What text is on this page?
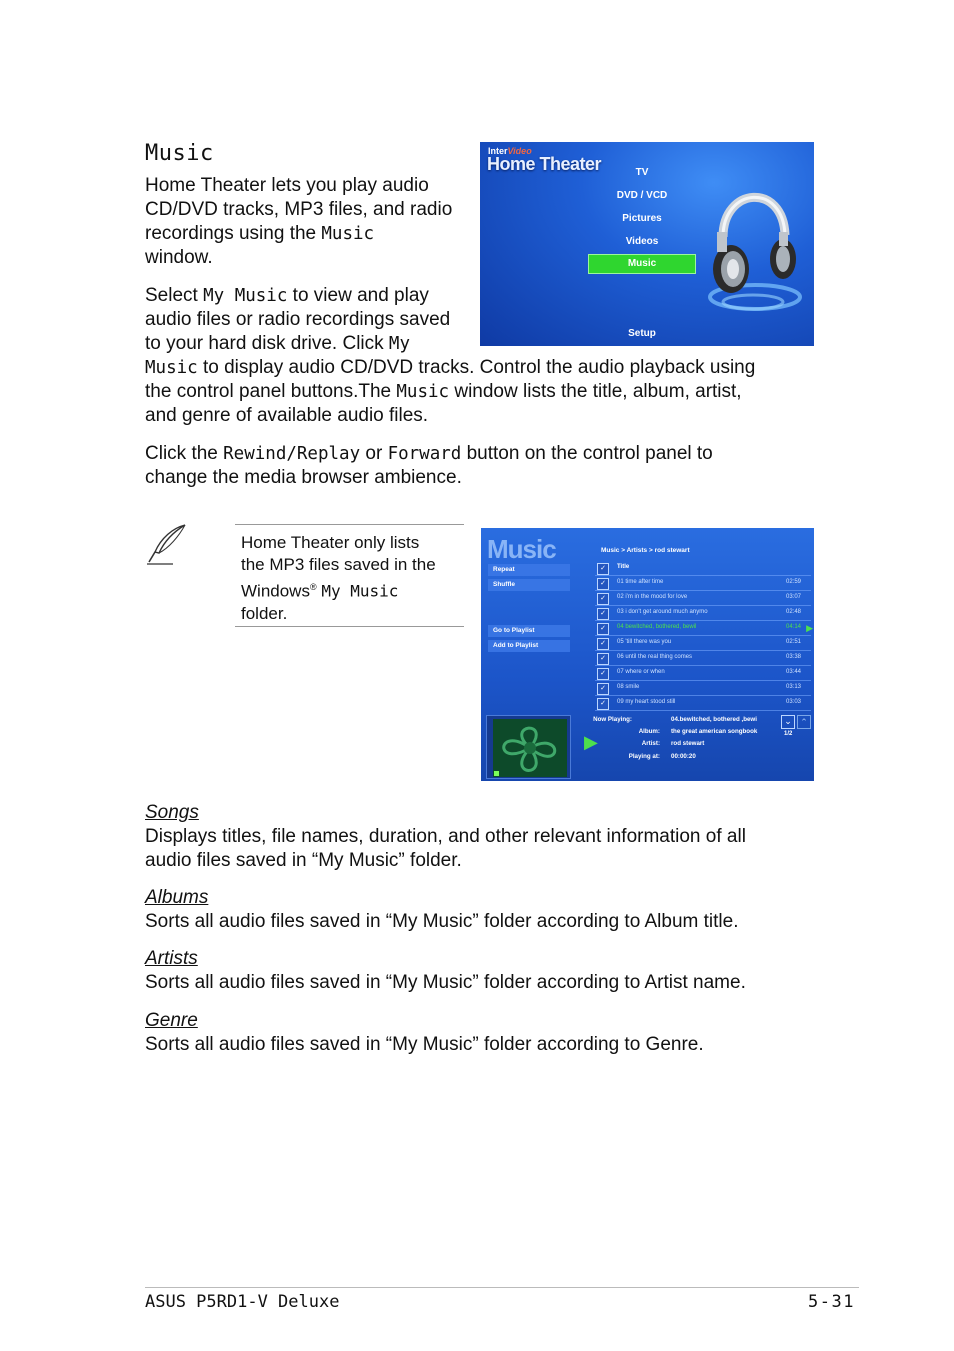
Music
Home Theater lets you play audio
CD/DVD tracks, MP3 files, and radio
recordings using the Music
window.
Select My Music to view and play
audio files or radio recordings saved
to your hard disk drive. Click My
Music to display audio CD/DVD tracks. Control the audio playback using
the control panel buttons.The Music window lists the title, album, artist,
and genre of available audio files.
Click the Rewind/Replay or Forward button on the control panel to
change the media browser ambience.
InterVideo
Home Theater	TV
DVD / VCD
Pictures
Videos
Music
Setup
Home Theater only lists
the MP3 files saved in the
Windows® My Music
folder.
Music	Music > Artists > rod stewart
Repeat
Shuffle
Go to Playlist
Add to Playlist
✓	Title
✓	01 time after time	02:59
✓	02 i'm in the mood for love	03:07
✓	03 i don't get around much anymo	02:48
✓	04 bewitched, bothered, bewil	04:14 ▶
✓	05 'till there was you	02:51
✓	06 until the real thing comes	03:38
✓	07 where or when	03:44
✓	08 smile	03:13
✓	09 my heart stood still	03:03
▶
Now Playing:	04.bewitched, bothered ,bewi
Album: the great american songbook
Artist: rod stewart
Playing at: 00:00:20
⌄ ⌃
1/2
Songs
Displays titles, file names, duration, and other relevant information of all
audio files saved in “My Music” folder.
Albums
Sorts all audio files saved in “My Music” folder according to Album title.
Artists
Sorts all audio files saved in “My Music” folder according to Artist name.
Genre
Sorts all audio files saved in “My Music” folder according to Genre.
ASUS P5RD1-V Deluxe	5-31
